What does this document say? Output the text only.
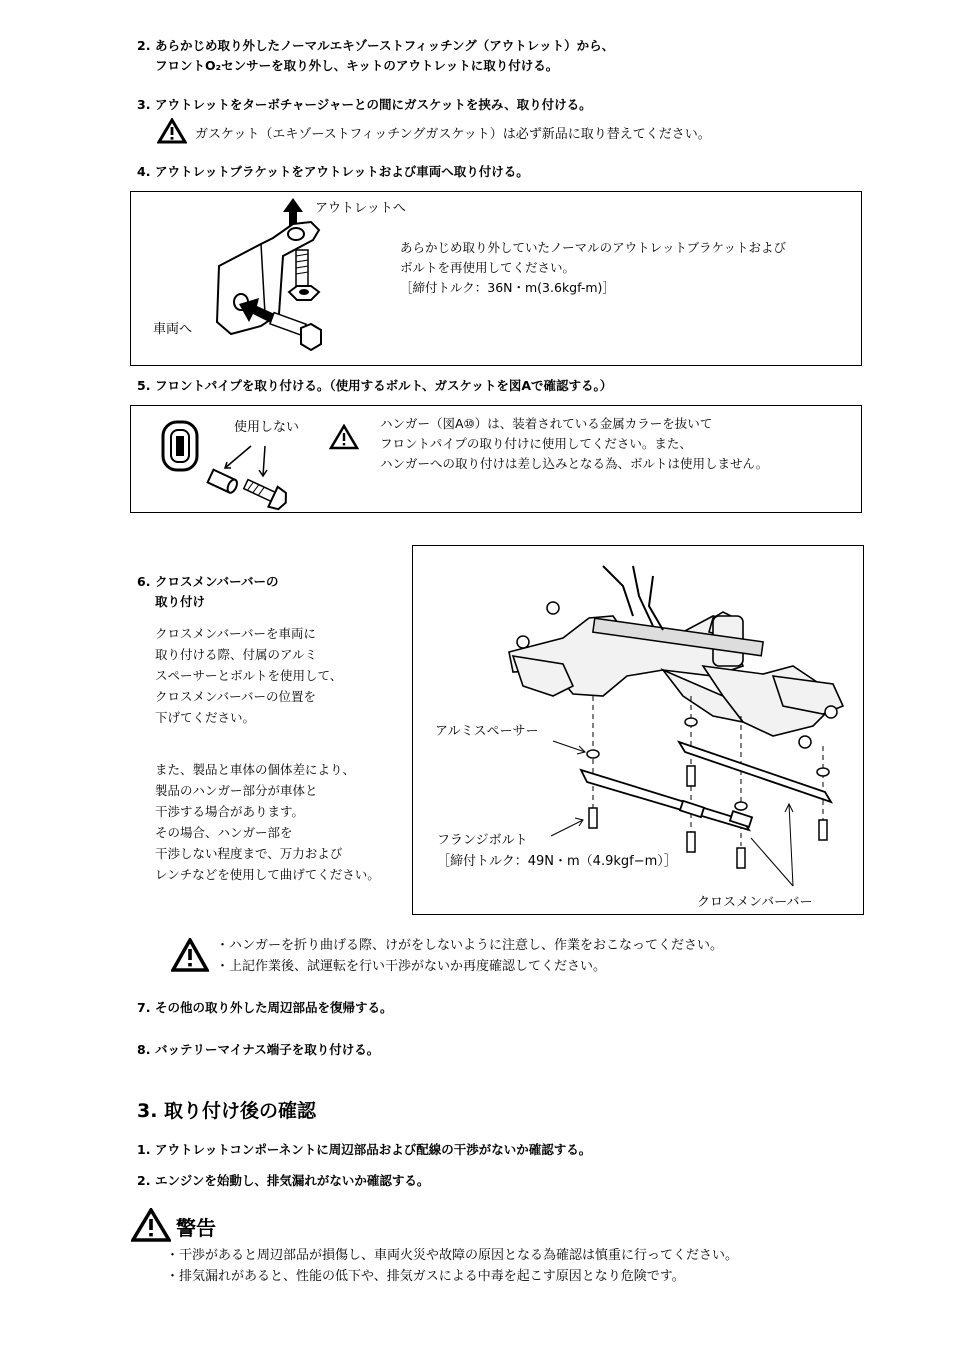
2. あらかじめ取り外したノーマルエキゾーストフィッチング（アウトレット）から、
フロントO₂センサーを取り外し、キットのアウトレットに取り付ける。
3. アウトレットをターボチャージャーとの間にガスケットを挟み、取り付ける。
ガスケット（エキゾーストフィッチングガスケット）は必ず新品に取り替えてください。
4. アウトレットブラケットをアウトレットおよび車両へ取り付ける。
アウトレットへ
車両へ
あらかじめ取り外していたノーマルのアウトレットブラケットおよび
ボルトを再使用してください。
［締付トルク：36N・m(3.6kgf-m)］
5. フロントパイプを取り付ける。（使用するボルト、ガスケットを図Aで確認する。）
使用しない	ハンガー（図A⑩）は、装着されている金属カラーを抜いて
フロントパイプの取り付けに使用してください。また、
ハンガーへの取り付けは差し込みとなる為、ボルトは使用しません。
6. クロスメンバーバーの
取り付け
クロスメンバーバーを車両に
取り付ける際、付属のアルミ
スペーサーとボルトを使用して、
クロスメンバーバーの位置を
下げてください。
また、製品と車体の個体差により、
製品のハンガー部分が車体と
干渉する場合があります。
その場合、ハンガー部を
干渉しない程度まで、万力および
レンチなどを使用して曲げてください。
アルミスペーサー
フランジボルト
［締付トルク：49N・m（4.9kgf−m）］
クロスメンバーバー
・ハンガーを折り曲げる際、けがをしないように注意し、作業をおこなってください。
・上記作業後、試運転を行い干渉がないか再度確認してください。
7. その他の取り外した周辺部品を復帰する。
8. バッテリーマイナス端子を取り付ける。
3. 取り付け後の確認
1. アウトレットコンポーネントに周辺部品および配線の干渉がないか確認する。
2. エンジンを始動し、排気漏れがないか確認する。
警告
・干渉があると周辺部品が損傷し、車両火災や故障の原因となる為確認は慎重に行ってください。
・排気漏れがあると、性能の低下や、排気ガスによる中毒を起こす原因となり危険です。
